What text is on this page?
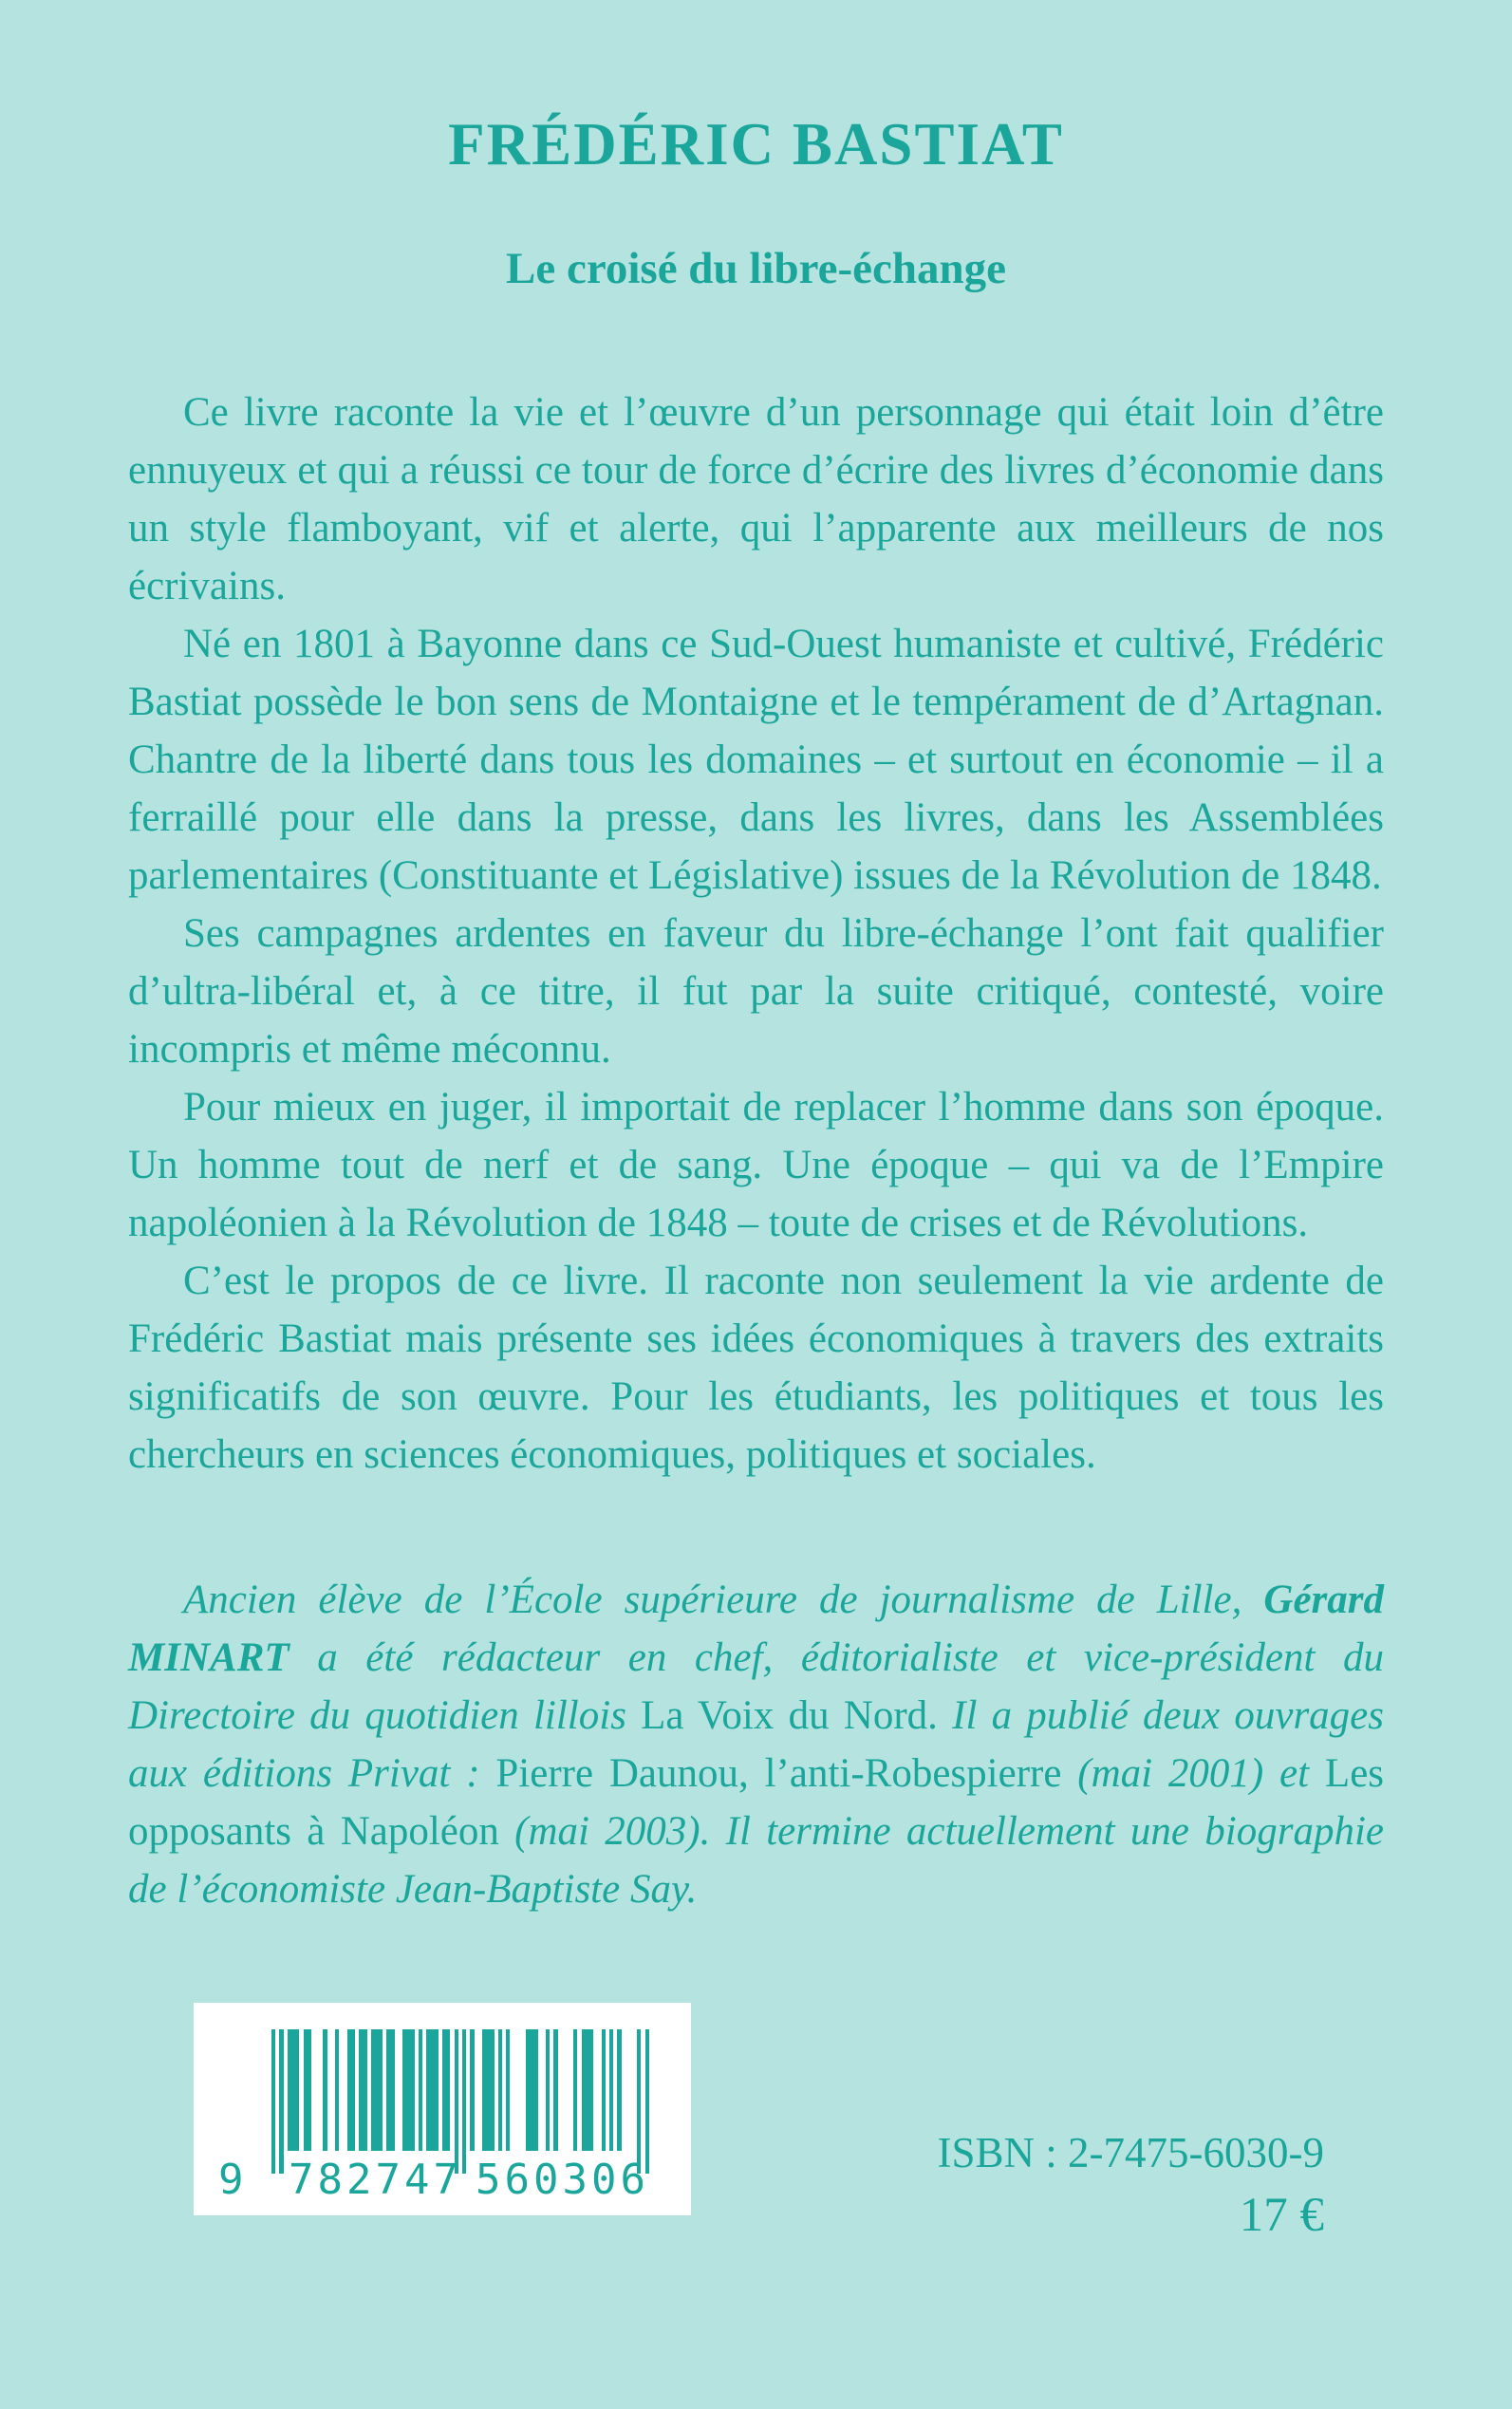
FRÉDÉRIC BASTIAT
Le croisé du libre-échange

Ce livre raconte la vie et l’œuvre d’un personnage qui était loin d’être ennuyeux et qui a réussi ce tour de force d’écrire des livres d’économie dans un style flamboyant, vif et alerte, qui l’apparente aux meilleurs de nos écrivains.

Né en 1801 à Bayonne dans ce Sud-Ouest humaniste et cultivé, Frédéric Bastiat possède le bon sens de Montaigne et le tempérament de d’Artagnan. Chantre de la liberté dans tous les domaines – et surtout en économie – il a ferraillé pour elle dans la presse, dans les livres, dans les Assemblées parlementaires (Constituante et Législative) issues de la Révolution de 1848.

Ses campagnes ardentes en faveur du libre-échange l’ont fait qualifier d’ultra-libéral et, à ce titre, il fut par la suite critiqué, contesté, voire incompris et même méconnu.

Pour mieux en juger, il importait de replacer l’homme dans son époque. Un homme tout de nerf et de sang. Une époque – qui va de l’Empire napoléonien à la Révolution de 1848 – toute de crises et de Révolutions.

C’est le propos de ce livre. Il raconte non seulement la vie ardente de Frédéric Bastiat mais présente ses idées économiques à travers des extraits significatifs de son œuvre. Pour les étudiants, les politiques et tous les chercheurs en sciences économiques, politiques et sociales.

Ancien élève de l’École supérieure de journalisme de Lille, Gérard MINART a été rédacteur en chef, éditorialiste et vice-président du Directoire du quotidien lillois La Voix du Nord. Il a publié deux ouvrages aux éditions Privat : Pierre Daunou, l’anti-Robespierre (mai 2001) et Les opposants à Napoléon (mai 2003). Il termine actuellement une biographie de l’économiste Jean-Baptiste Say.

9 782747 560306
ISBN : 2-7475-6030-9
17 €
